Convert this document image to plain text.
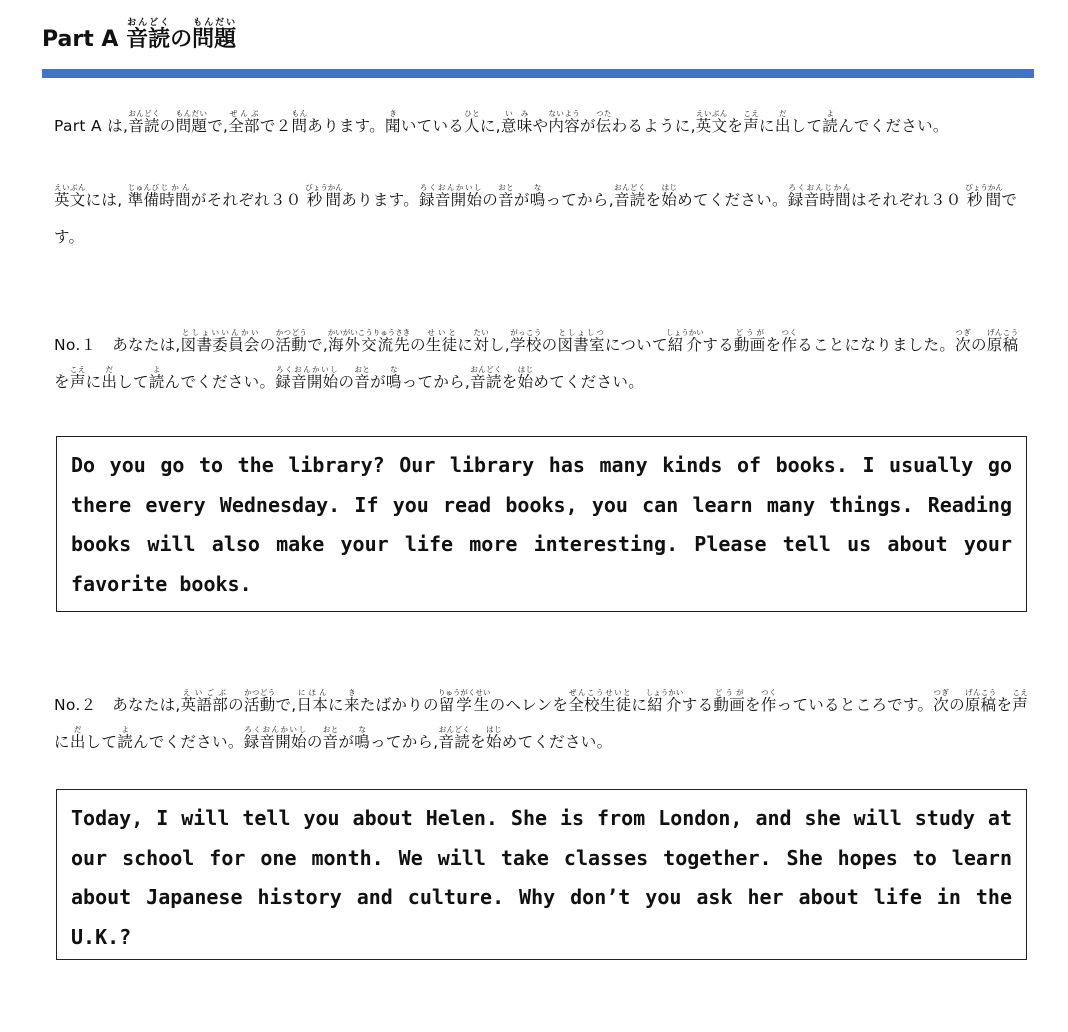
Part A 音読おんどくの問題もんだい
Part A は,音読おんどくの問題もんだいで,全部ぜんぶで２問もんあります。聞きいている人ひとに,意味いみや内容ないようが伝つたわるように,英文えいぶんを声こえに出だして読よんでください。
英文えいぶんには, 準備じゅんび時間じかんがそれぞれ３０ 秒間びょうかんあります。録音開始ろくおんかいしの音おとが鳴なってから,音読おんどくを始はじめてください。録音時間ろくおんじかんはそれぞれ３０ 秒間びょうかんです。
No.１　あなたは,図書委員会としょいいんかいの活動かつどうで,海外交流先かいがいこうりゅうさきの生徒せいとに対たいし,学校がっこうの図書室としょしつについて紹介しょうかいする動画どうがを作つくることになりました。次つぎの原稿げんこうを声こえに出だして読よんでください。録音開始ろくおんかいしの音おとが鳴なってから,音読おんどくを始はじめてください。
Do you go to the library? Our library has many kinds of books. I usually go there every Wednesday. If you read books, you can learn many things. Reading books will also make your life more interesting. Please tell us about your favorite books.
No.２　あなたは,英語部えいごぶの活動かつどうで,日本にほんに来きたばかりの留学生りゅうがくせいのヘレンを全校生徒ぜんこうせいとに紹介しょうかいする動画どうがを作つくっているところです。次つぎの原稿げんこうを声こえに出だして読よんでください。録音開始ろくおんかいしの音おとが鳴なってから,音読おんどくを始はじめてください。
Today, I will tell you about Helen. She is from London, and she will study at our school for one month. We will take classes together. She hopes to learn about Japanese history and culture. Why don’t you ask her about life in the U.K.?
